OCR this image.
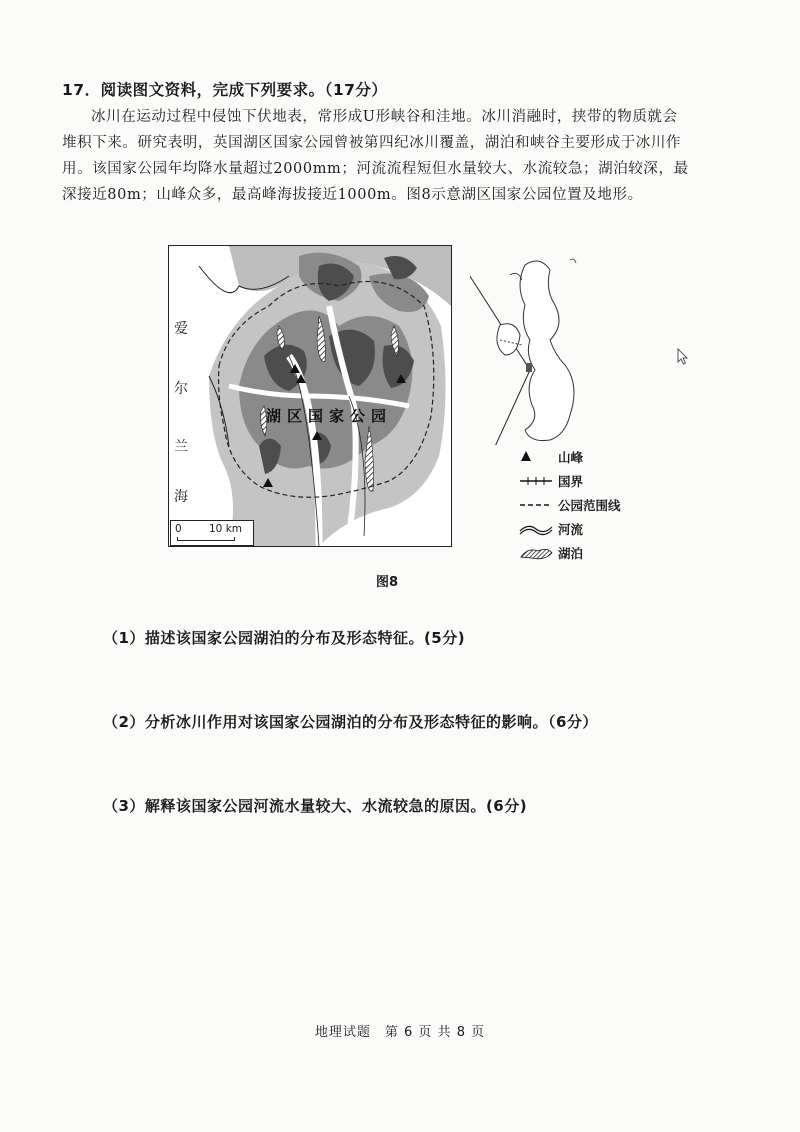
17．阅读图文资料，完成下列要求。（17分）
冰川在运动过程中侵蚀下伏地表，常形成U形峡谷和洼地。冰川消融时，挟带的物质就会
堆积下来。研究表明，英国湖区国家公园曾被第四纪冰川覆盖，湖泊和峡谷主要形成于冰川作
用。该国家公园年均降水量超过2000mm；河流流程短但水量较大、水流较急；湖泊较深，最
深接近80m；山峰众多，最高峰海拔接近1000m。图8示意湖区国家公园位置及地形。
爱
尔
兰
海
湖区国家公园
0	10 km
山峰
国界
公园范围线
河流
湖泊
图8
（1）描述该国家公园湖泊的分布及形态特征。(5分)
（2）分析冰川作用对该国家公园湖泊的分布及形态特征的影响。（6分）
（3）解释该国家公园河流水量较大、水流较急的原因。(6分)
地理试题　第 6 页 共 8 页
